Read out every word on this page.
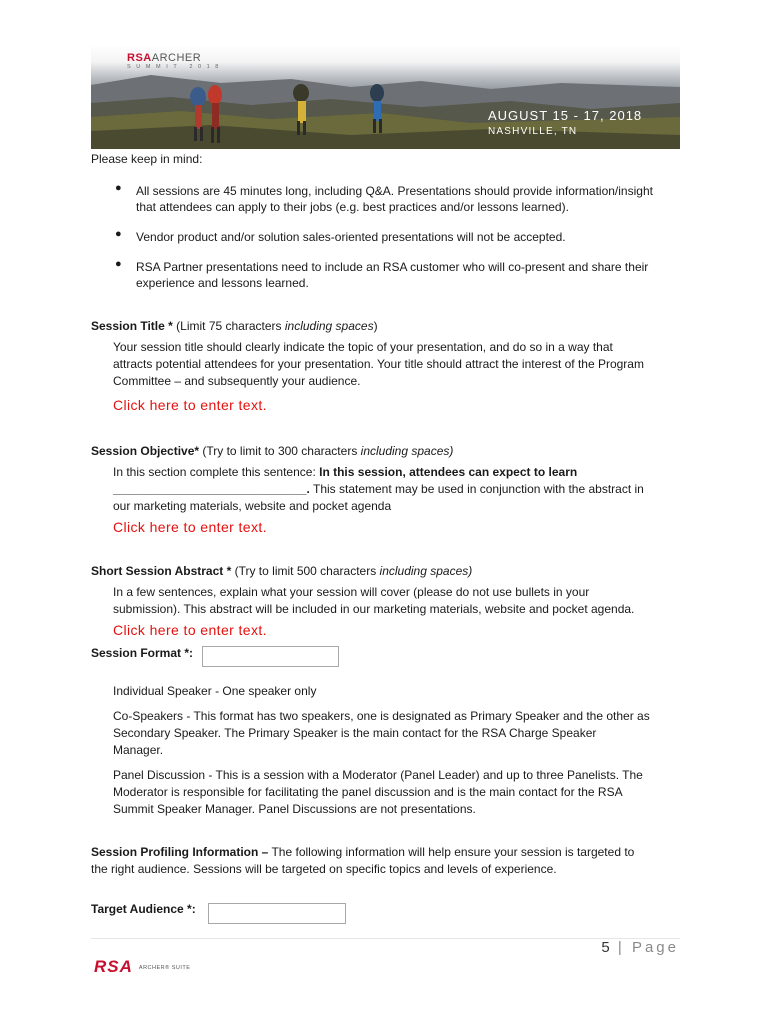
RSAARCHER
SUMMIT 2018
AUGUST 15 - 17, 2018
NASHVILLE, TN
Please keep in mind:
● All sessions are 45 minutes long, including Q&A. Presentations should provide information/insight
that attendees can apply to their jobs (e.g. best practices and/or lessons learned).
● Vendor product and/or solution sales-oriented presentations will not be accepted.
● RSA Partner presentations need to include an RSA customer who will co-present and share their
experience and lessons learned.
Session Title * (Limit 75 characters including spaces)
Your session title should clearly indicate the topic of your presentation, and do so in a way that
attracts potential attendees for your presentation. Your title should attract the interest of the Program
Committee – and subsequently your audience.
Click here to enter text.
Session Objective* (Try to limit to 300 characters including spaces)
In this section complete this sentence: In this session, attendees can expect to learn
_____________________________. This statement may be used in conjunction with the abstract in
our marketing materials, website and pocket agenda
Click here to enter text.
Short Session Abstract * (Try to limit 500 characters including spaces)
In a few sentences, explain what your session will cover (please do not use bullets in your
submission). This abstract will be included in our marketing materials, website and pocket agenda.
Click here to enter text.
Session Format *:
Individual Speaker - One speaker only
Co-Speakers - This format has two speakers, one is designated as Primary Speaker and the other as
Secondary Speaker. The Primary Speaker is the main contact for the RSA Charge Speaker
Manager.
Panel Discussion - This is a session with a Moderator (Panel Leader) and up to three Panelists. The
Moderator is responsible for facilitating the panel discussion and is the main contact for the RSA
Summit Speaker Manager. Panel Discussions are not presentations.
Session Profiling Information – The following information will help ensure your session is targeted to
the right audience. Sessions will be targeted on specific topics and levels of experience.
Target Audience *:
5 | Page
RSA $^{ARCHER® SUITE}$
